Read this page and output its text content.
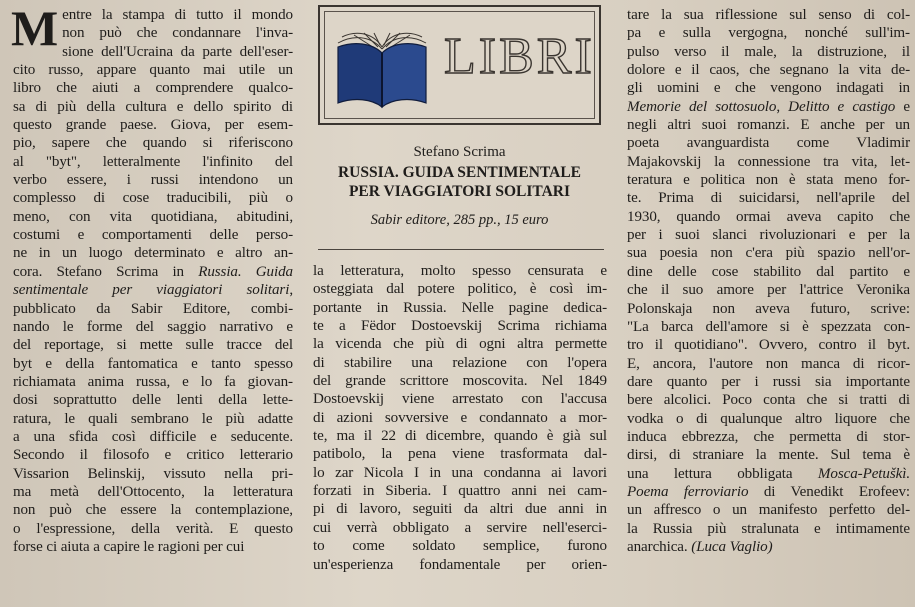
M entre la stampa di tutto il mondo

non può che condannare l'inva-

sione dell'Ucraina da parte dell'eser-

cito russo, appare quanto mai utile un

libro che aiuti a comprendere qualco-

sa di più della cultura e dello spirito di

questo grande paese. Giova, per esem-

pio, sapere che quando si riferiscono

al "byt", letteralmente l'infinito del

verbo essere, i russi intendono un

complesso di cose traducibili, più o

meno, con vita quotidiana, abitudini,

costumi e comportamenti delle perso-

ne in un luogo determinato e altro an-

cora. Stefano Scrima in Russia. Guida

sentimentale per viaggiatori solitari,

pubblicato da Sabir Editore, combi-

nando le forme del saggio narrativo e

del reportage, si mette sulle tracce del

byt e della fantomatica e tanto spesso

richiamata anima russa, e lo fa giovan-

dosi soprattutto delle lenti della lette-

ratura, le quali sembrano le più adatte

a una sfida così difficile e seducente.

Secondo il filosofo e critico letterario

Vissarion Belinskij, vissuto nella pri-

ma metà dell'Ottocento, la letteratura

non può che essere la contemplazione,

o l'espressione, della verità. E questo

forse ci aiuta a capire le ragioni per cui

LIBRI
Stefano Scrima
RUSSIA. GUIDA SENTIMENTALE
PER VIAGGIATORI SOLITARI
Sabir editore, 285 pp., 15 euro

la letteratura, molto spesso censurata e

osteggiata dal potere politico, è così im-

portante in Russia. Nelle pagine dedica-

te a Fëdor Dostoevskij Scrima richiama

la vicenda che più di ogni altra permette

di stabilire una relazione con l'opera

del grande scrittore moscovita. Nel 1849

Dostoevskij viene arrestato con l'accusa

di azioni sovversive e condannato a mor-

te, ma il 22 di dicembre, quando è già sul

patibolo, la pena viene trasformata dal-

lo zar Nicola I in una condanna ai lavori

forzati in Siberia. I quattro anni nei cam-

pi di lavoro, seguiti da altri due anni in

cui verrà obbligato a servire nell'eserci-

to come soldato semplice, furono

un'esperienza fondamentale per orien-

tare la sua riflessione sul senso di col-

pa e sulla vergogna, nonché sull'im-

pulso verso il male, la distruzione, il

dolore e il caos, che segnano la vita de-

gli uomini e che vengono indagati in

Memorie del sottosuolo, Delitto e castigo e

negli altri suoi romanzi. E anche per un

poeta avanguardista come Vladimir

Majakovskij la connessione tra vita, let-

teratura e politica non è stata meno for-

te. Prima di suicidarsi, nell'aprile del

1930, quando ormai aveva capito che

per i suoi slanci rivoluzionari e per la

sua poesia non c'era più spazio nell'or-

dine delle cose stabilito dal partito e

che il suo amore per l'attrice Veronika

Polonskaja non aveva futuro, scrive:

"La barca dell'amore si è spezzata con-

tro il quotidiano". Ovvero, contro il byt.

E, ancora, l'autore non manca di ricor-

dare quanto per i russi sia importante

bere alcolici. Poco conta che si tratti di

vodka o di qualunque altro liquore che

induca ebbrezza, che permetta di stor-

dirsi, di straniare la mente. Sul tema è

una lettura obbligata Mosca-Petuškì.

Poema ferroviario di Venedikt Erofeev:

un affresco o un manifesto perfetto del-

la Russia più stralunata e intimamente

anarchica. (Luca Vaglio)
